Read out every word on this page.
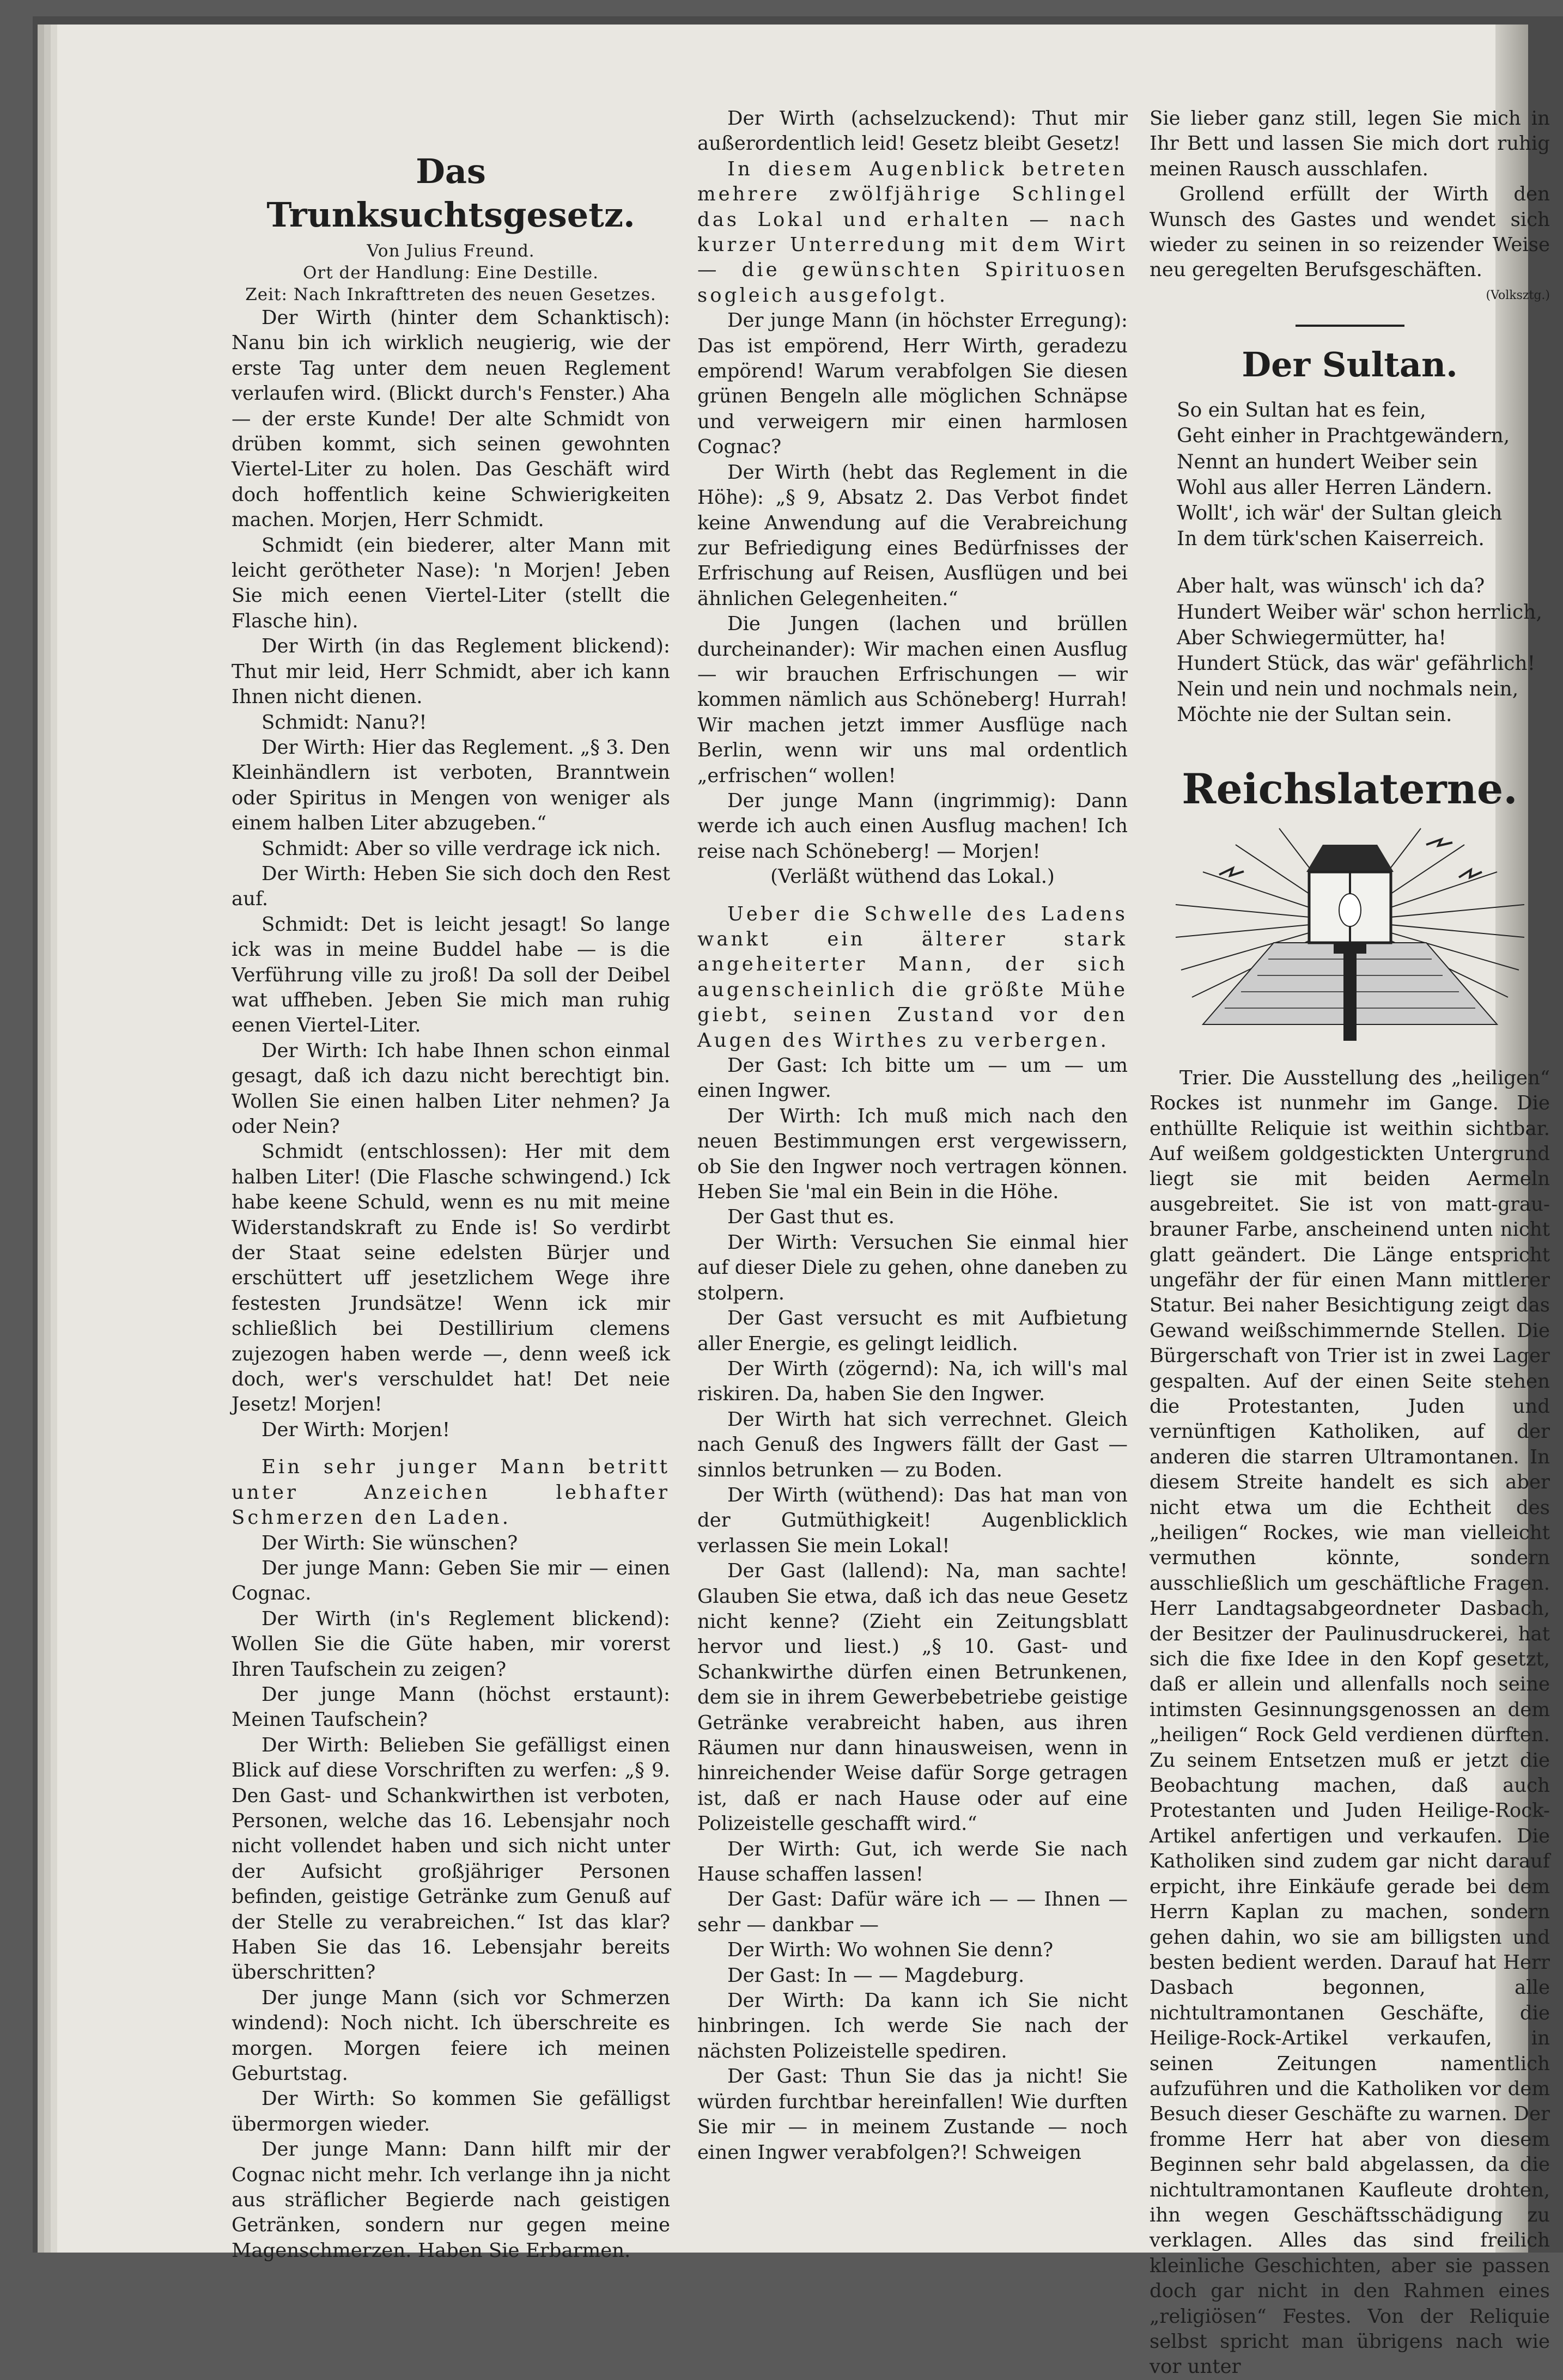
Das Trunksuchtsgesetz.
Von Julius Freund.
Ort der Handlung: Eine Destille.
Zeit: Nach Inkrafttreten des neuen Gesetzes.

Der Wirth (hinter dem Schanktisch): Nanu bin ich wirklich neugierig, wie der erste Tag unter dem neuen Reglement verlaufen wird. (Blickt durch's Fenster.) Aha — der erste Kunde! Der alte Schmidt von drüben kommt, sich seinen gewohnten Viertel-Liter zu holen. Das Geschäft wird doch hoffentlich keine Schwierigkeiten machen. Morjen, Herr Schmidt.

Schmidt (ein biederer, alter Mann mit leicht gerötheter Nase): 'n Morjen! Jeben Sie mich eenen Viertel-Liter (stellt die Flasche hin).

Der Wirth (in das Reglement blickend): Thut mir leid, Herr Schmidt, aber ich kann Ihnen nicht dienen.

Schmidt: Nanu?!

Der Wirth: Hier das Reglement. „§ 3. Den Kleinhändlern ist verboten, Branntwein oder Spiritus in Mengen von weniger als einem halben Liter abzugeben.“

Schmidt: Aber so ville verdrage ick nich.

Der Wirth: Heben Sie sich doch den Rest auf.

Schmidt: Det is leicht jesagt! So lange ick was in meine Buddel habe — is die Verführung ville zu jroß! Da soll der Deibel wat uffheben. Jeben Sie mich man ruhig eenen Viertel-Liter.

Der Wirth: Ich habe Ihnen schon einmal gesagt, daß ich dazu nicht berechtigt bin. Wollen Sie einen halben Liter nehmen? Ja oder Nein?

Schmidt (entschlossen): Her mit dem halben Liter! (Die Flasche schwingend.) Ick habe keene Schuld, wenn es nu mit meine Widerstandskraft zu Ende is! So verdirbt der Staat seine edelsten Bürjer und erschüttert uff jesetzlichem Wege ihre festesten Jrundsätze! Wenn ick mir schließlich bei Destillirium clemens zujezogen haben werde —, denn weeß ick doch, wer's verschuldet hat! Det neie Jesetz! Morjen!

Der Wirth: Morjen!

Ein sehr junger Mann betritt unter Anzeichen lebhafter Schmerzen den Laden.

Der Wirth: Sie wünschen?

Der junge Mann: Geben Sie mir — einen Cognac.

Der Wirth (in's Reglement blickend): Wollen Sie die Güte haben, mir vorerst Ihren Taufschein zu zeigen?

Der junge Mann (höchst erstaunt): Meinen Taufschein?

Der Wirth: Belieben Sie gefälligst einen Blick auf diese Vorschriften zu werfen: „§ 9. Den Gast- und Schankwirthen ist verboten, Personen, welche das 16. Lebensjahr noch nicht vollendet haben und sich nicht unter der Aufsicht großjähriger Personen befinden, geistige Getränke zum Genuß auf der Stelle zu verabreichen.“ Ist das klar? Haben Sie das 16. Lebensjahr bereits überschritten?

Der junge Mann (sich vor Schmerzen windend): Noch nicht. Ich überschreite es morgen. Morgen feiere ich meinen Geburtstag.

Der Wirth: So kommen Sie gefälligst übermorgen wieder.

Der junge Mann: Dann hilft mir der Cognac nicht mehr. Ich verlange ihn ja nicht aus sträflicher Begierde nach geistigen Getränken, sondern nur gegen meine Magenschmerzen. Haben Sie Erbarmen.

Der Wirth (achselzuckend): Thut mir außerordentlich leid! Gesetz bleibt Gesetz!

In diesem Augenblick betreten mehrere zwölfjährige Schlingel das Lokal und erhalten — nach kurzer Unterredung mit dem Wirt — die gewünschten Spirituosen sogleich ausgefolgt.

Der junge Mann (in höchster Erregung): Das ist empörend, Herr Wirth, geradezu empörend! Warum verabfolgen Sie diesen grünen Bengeln alle möglichen Schnäpse und verweigern mir einen harmlosen Cognac?

Der Wirth (hebt das Reglement in die Höhe): „§ 9, Absatz 2. Das Verbot findet keine Anwendung auf die Verabreichung zur Befriedigung eines Bedürfnisses der Erfrischung auf Reisen, Ausflügen und bei ähnlichen Gelegenheiten.“

Die Jungen (lachen und brüllen durcheinander): Wir machen einen Ausflug — wir brauchen Erfrischungen — wir kommen nämlich aus Schöneberg! Hurrah! Wir machen jetzt immer Ausflüge nach Berlin, wenn wir uns mal ordentlich „erfrischen“ wollen!

Der junge Mann (ingrimmig): Dann werde ich auch einen Ausflug machen! Ich reise nach Schöneberg! — Morjen!

(Verläßt wüthend das Lokal.)

Ueber die Schwelle des Ladens wankt ein älterer stark angeheiterter Mann, der sich augenscheinlich die größte Mühe giebt, seinen Zustand vor den Augen des Wirthes zu verbergen.

Der Gast: Ich bitte um — um — um einen Ingwer.

Der Wirth: Ich muß mich nach den neuen Bestimmungen erst vergewissern, ob Sie den Ingwer noch vertragen können. Heben Sie 'mal ein Bein in die Höhe.

Der Gast thut es.

Der Wirth: Versuchen Sie einmal hier auf dieser Diele zu gehen, ohne daneben zu stolpern.

Der Gast versucht es mit Aufbietung aller Energie, es gelingt leidlich.

Der Wirth (zögernd): Na, ich will's mal riskiren. Da, haben Sie den Ingwer.

Der Wirth hat sich verrechnet. Gleich nach Genuß des Ingwers fällt der Gast — sinnlos betrunken — zu Boden.

Der Wirth (wüthend): Das hat man von der Gutmüthigkeit! Augenblicklich verlassen Sie mein Lokal!

Der Gast (lallend): Na, man sachte! Glauben Sie etwa, daß ich das neue Gesetz nicht kenne? (Zieht ein Zeitungsblatt hervor und liest.) „§ 10. Gast- und Schankwirthe dürfen einen Betrunkenen, dem sie in ihrem Gewerbebetriebe geistige Getränke verabreicht haben, aus ihren Räumen nur dann hinausweisen, wenn in hinreichender Weise dafür Sorge getragen ist, daß er nach Hause oder auf eine Polizeistelle geschafft wird.“

Der Wirth: Gut, ich werde Sie nach Hause schaffen lassen!

Der Gast: Dafür wäre ich — — Ihnen — sehr — dankbar —

Der Wirth: Wo wohnen Sie denn?

Der Gast: In — — Magdeburg.

Der Wirth: Da kann ich Sie nicht hinbringen. Ich werde Sie nach der nächsten Polizeistelle spediren.

Der Gast: Thun Sie das ja nicht! Sie würden furchtbar hereinfallen! Wie durften Sie mir — in meinem Zustande — noch einen Ingwer verabfolgen?! Schweigen

Sie lieber ganz still, legen Sie mich in Ihr Bett und lassen Sie mich dort ruhig meinen Rausch ausschlafen.

Grollend erfüllt der Wirth den Wunsch des Gastes und wendet sich wieder zu seinen in so reizender Weise neu geregelten Berufsgeschäften.

(Volksztg.)
Der Sultan.
So ein Sultan hat es fein,
Geht einher in Prachtgewändern,
Nennt an hundert Weiber sein
Wohl aus aller Herren Ländern.
Wollt', ich wär' der Sultan gleich
In dem türk'schen Kaiserreich.
Aber halt, was wünsch' ich da?
Hundert Weiber wär' schon herrlich,
Aber Schwiegermütter, ha!
Hundert Stück, das wär' gefährlich!
Nein und nein und nochmals nein,
Möchte nie der Sultan sein.
Reichslaterne.

Trier. Die Ausstellung des „heiligen“ Rockes ist nunmehr im Gange. Die enthüllte Reliquie ist weithin sichtbar. Auf weißem goldgestickten Untergrund liegt sie mit beiden Aermeln ausgebreitet. Sie ist von matt-grau-brauner Farbe, anscheinend unten nicht glatt geändert. Die Länge entspricht ungefähr der für einen Mann mittlerer Statur. Bei naher Besichtigung zeigt das Gewand weißschimmernde Stellen. Die Bürgerschaft von Trier ist in zwei Lager gespalten. Auf der einen Seite stehen die Protestanten, Juden und vernünftigen Katholiken, auf der anderen die starren Ultramontanen. In diesem Streite handelt es sich aber nicht etwa um die Echtheit des „heiligen“ Rockes, wie man vielleicht vermuthen könnte, sondern ausschließlich um geschäftliche Fragen. Herr Landtagsabgeordneter Dasbach, der Besitzer der Paulinusdruckerei, hat sich die fixe Idee in den Kopf gesetzt, daß er allein und allenfalls noch seine intimsten Gesinnungsgenossen an dem „heiligen“ Rock Geld verdienen dürften. Zu seinem Entsetzen muß er jetzt die Beobachtung machen, daß auch Protestanten und Juden Heilige-Rock-Artikel anfertigen und verkaufen. Die Katholiken sind zudem gar nicht darauf erpicht, ihre Einkäufe gerade bei dem Herrn Kaplan zu machen, sondern gehen dahin, wo sie am billigsten und besten bedient werden. Darauf hat Herr Dasbach begonnen, alle nichtultramontanen Geschäfte, die Heilige-Rock-Artikel verkaufen, in seinen Zeitungen namentlich aufzuführen und die Katholiken vor dem Besuch dieser Geschäfte zu warnen. Der fromme Herr hat aber von diesem Beginnen sehr bald abgelassen, da die nichtultramontanen Kaufleute drohten, ihn wegen Geschäftsschädigung zu verklagen. Alles das sind freilich kleinliche Geschichten, aber sie passen doch gar nicht in den Rahmen eines „religiösen“ Festes. Von der Reliquie selbst spricht man übrigens nach wie vor unter
